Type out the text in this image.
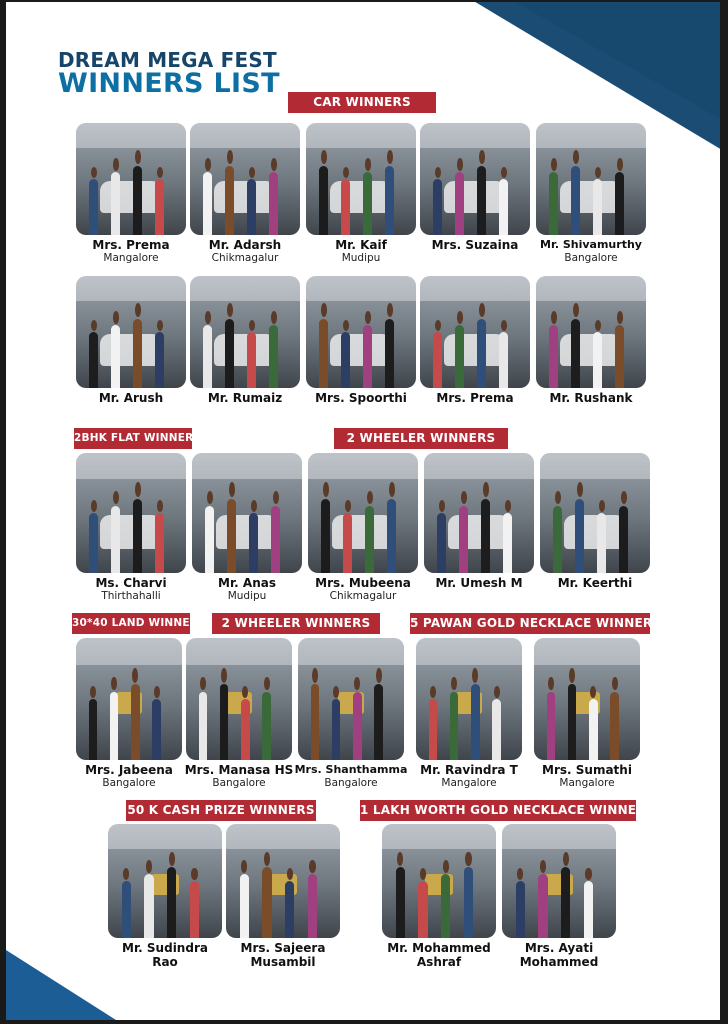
DREAM MEGA FEST
WINNERS LIST
CAR WINNERS
2BHK FLAT WINNERS	2 WHEELER WINNERS
30*40 LAND WINNER	2 WHEELER WINNERS	5 PAWAN GOLD NECKLACE WINNERS
50 K CASH PRIZE WINNERS	1 LAKH WORTH GOLD NECKLACE WINNERS
Mrs. Prema
Mangalore
Mr. Adarsh
Chikmagalur
Mr. Kaif
Mudipu
Mrs. Suzaina	Mr. Shivamurthy
Bangalore
Mr. Arush	Mr. Rumaiz	Mrs. Spoorthi	Mrs. Prema	Mr. Rushank
Ms. Charvi
Thirthahalli
Mr. Anas
Mudipu
Mrs. Mubeena
Chikmagalur
Mr. Umesh M	Mr. Keerthi
Mrs. Jabeena
Bangalore
Mrs. Manasa HS
Bangalore
Mrs. Shanthamma
Bangalore
Mr. Ravindra T
Mangalore
Mrs. Sumathi
Mangalore
Mr. Sudindra
Rao
Mrs. Sajeera
Musambil
Mr. Mohammed
Ashraf
Mrs. Ayati
Mohammed
